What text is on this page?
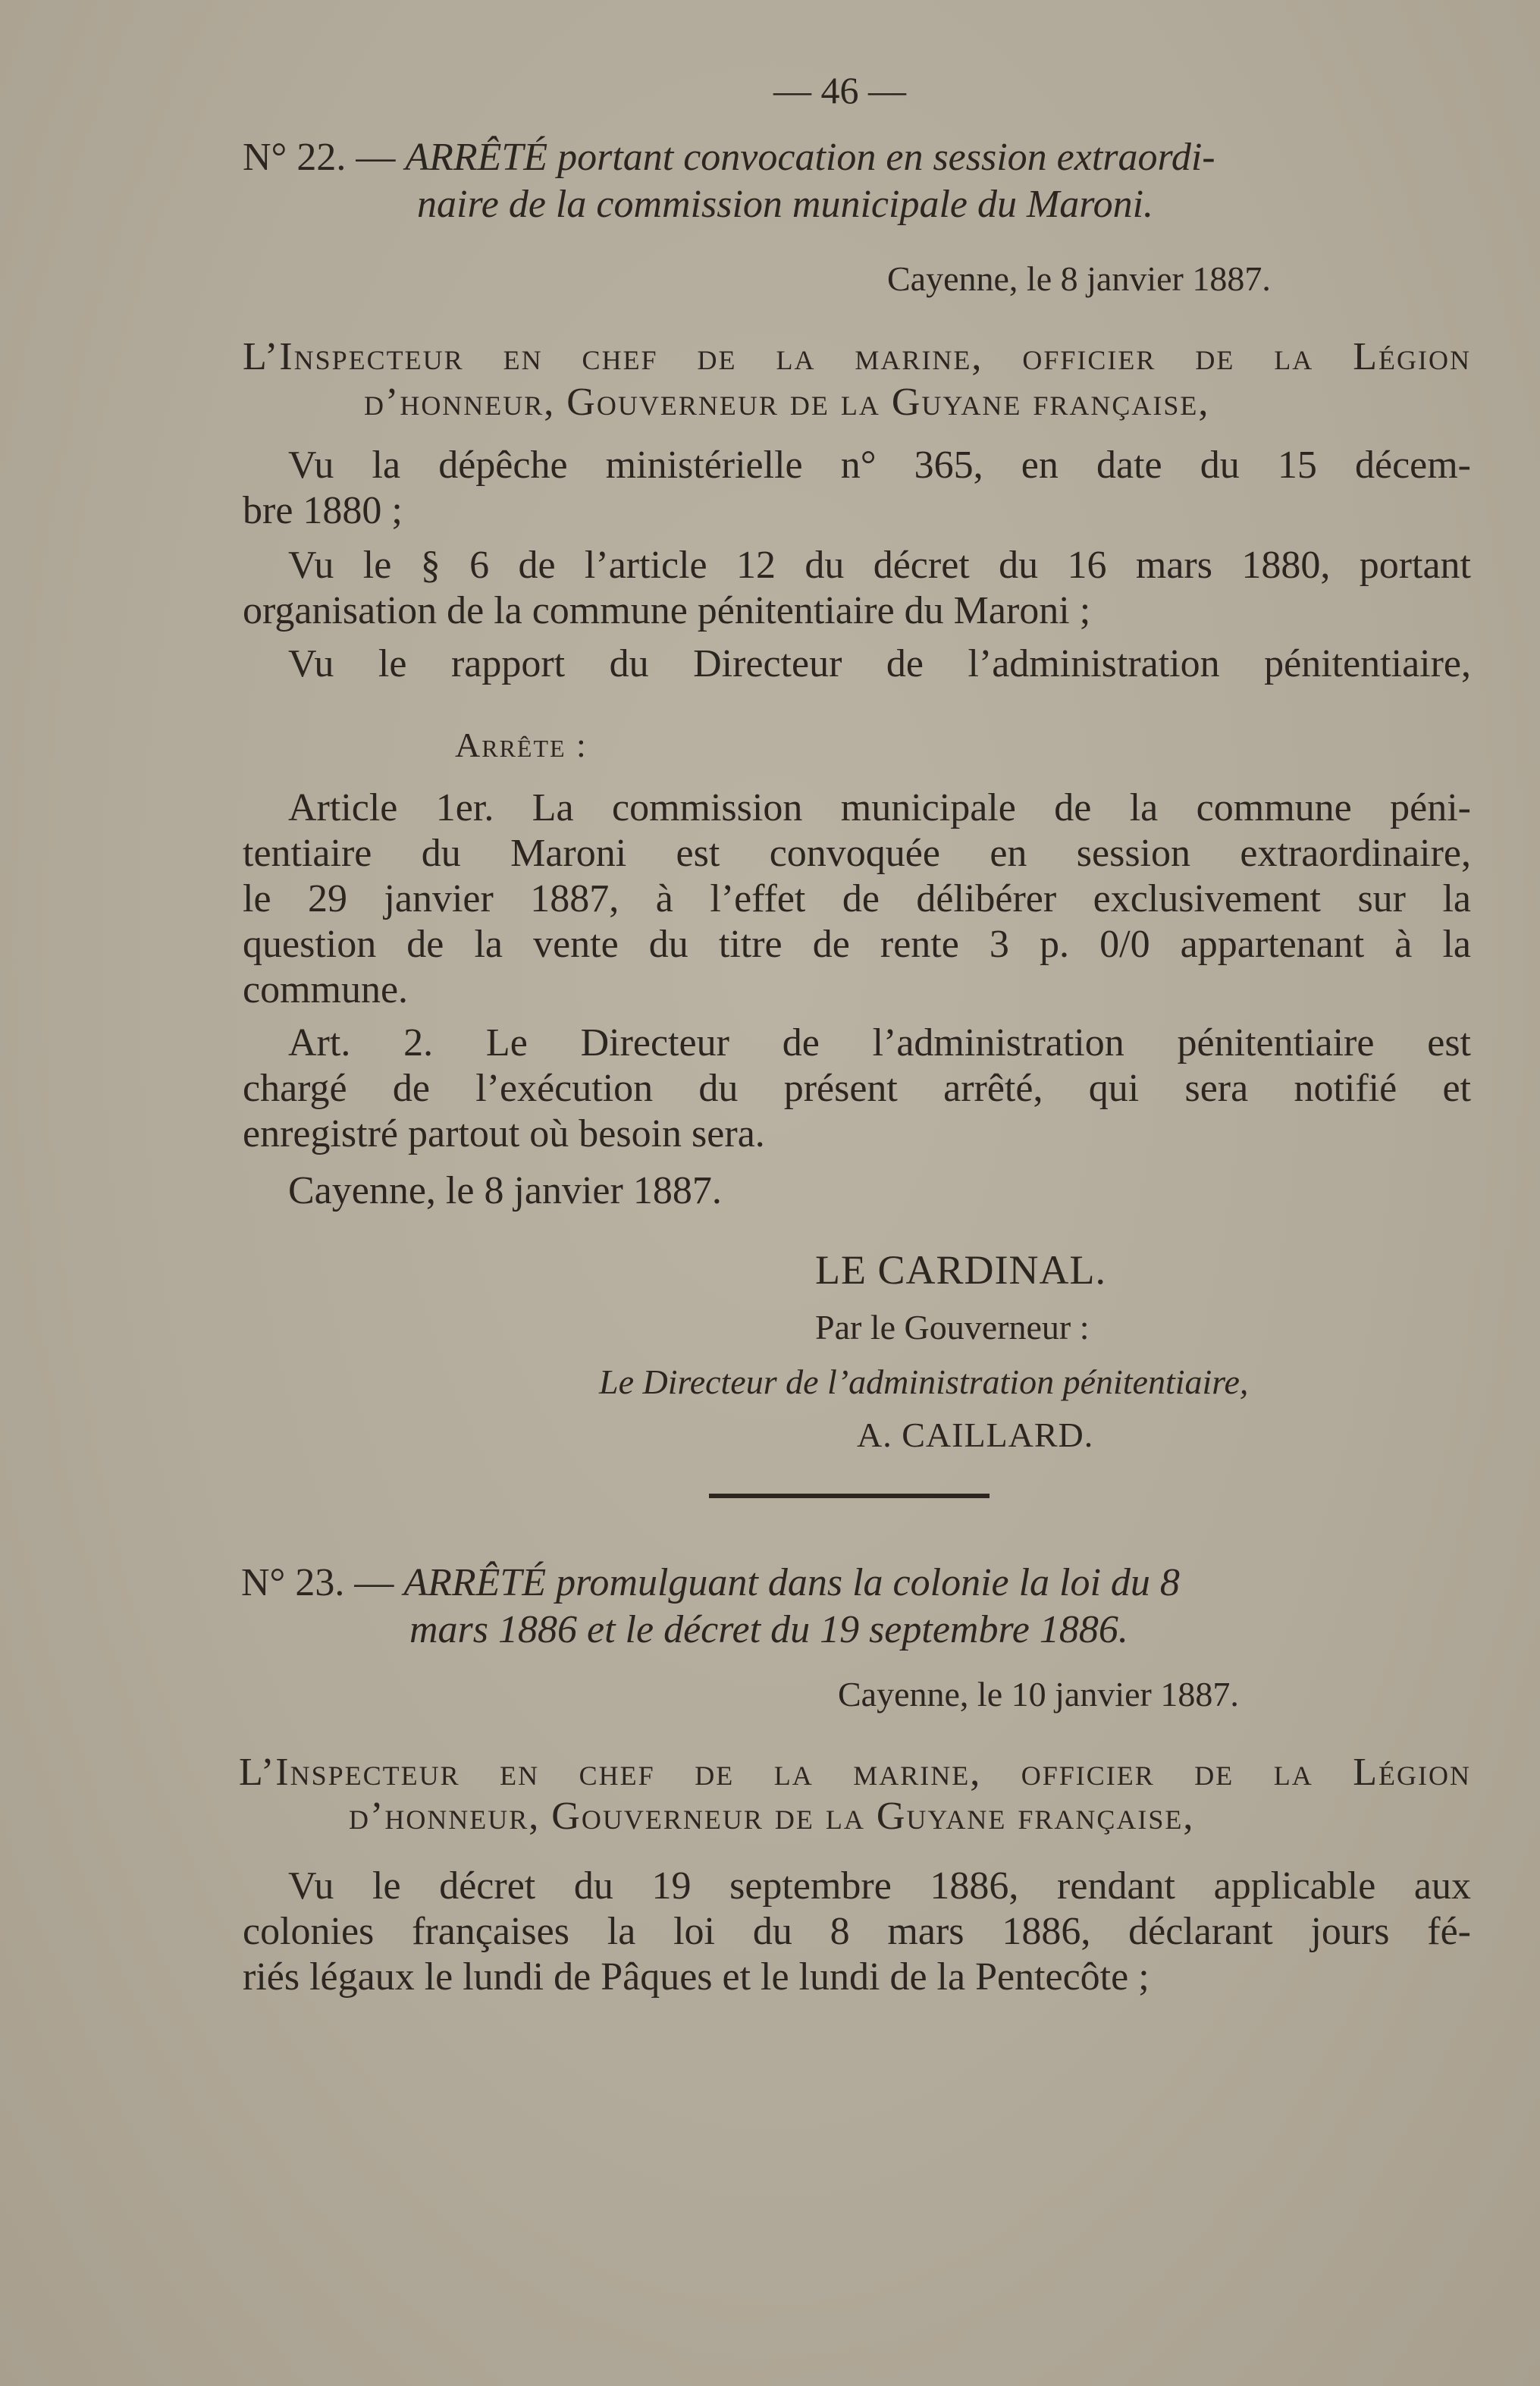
— 46 —
N° 22. — ARRÊTÉ portant convocation en session extraordi-
naire de la commission municipale du Maroni.
Cayenne, le 8 janvier 1887.
L’Inspecteur en chef de la marine, officier de la Légion
d’honneur, Gouverneur de la Guyane française,
Vu la dépêche ministérielle n° 365, en date du 15 décem-
bre 1880 ;
Vu le § 6 de l’article 12 du décret du 16 mars 1880, portant
organisation de la commune pénitentiaire du Maroni ;
Vu le rapport du Directeur de l’administration pénitentiaire,
Arrête :
Article 1er. La commission municipale de la commune péni-
tentiaire du Maroni est convoquée en session extraordinaire,
le 29 janvier 1887, à l’effet de délibérer exclusivement sur la
question de la vente du titre de rente 3 p. 0/0 appartenant à la
commune.
Art. 2. Le Directeur de l’administration pénitentiaire est
chargé de l’exécution du présent arrêté, qui sera notifié et
enregistré partout où besoin sera.
Cayenne, le 8 janvier 1887.
LE CARDINAL.
Par le Gouverneur :
Le Directeur de l’administration pénitentiaire,
A. CAILLARD.
N° 23. — ARRÊTÉ promulguant dans la colonie la loi du 8
mars 1886 et le décret du 19 septembre 1886.
Cayenne, le 10 janvier 1887.
L’Inspecteur en chef de la marine, officier de la Légion
d’honneur, Gouverneur de la Guyane française,
Vu le décret du 19 septembre 1886, rendant applicable aux
colonies françaises la loi du 8 mars 1886, déclarant jours fé-
riés légaux le lundi de Pâques et le lundi de la Pentecôte ;
